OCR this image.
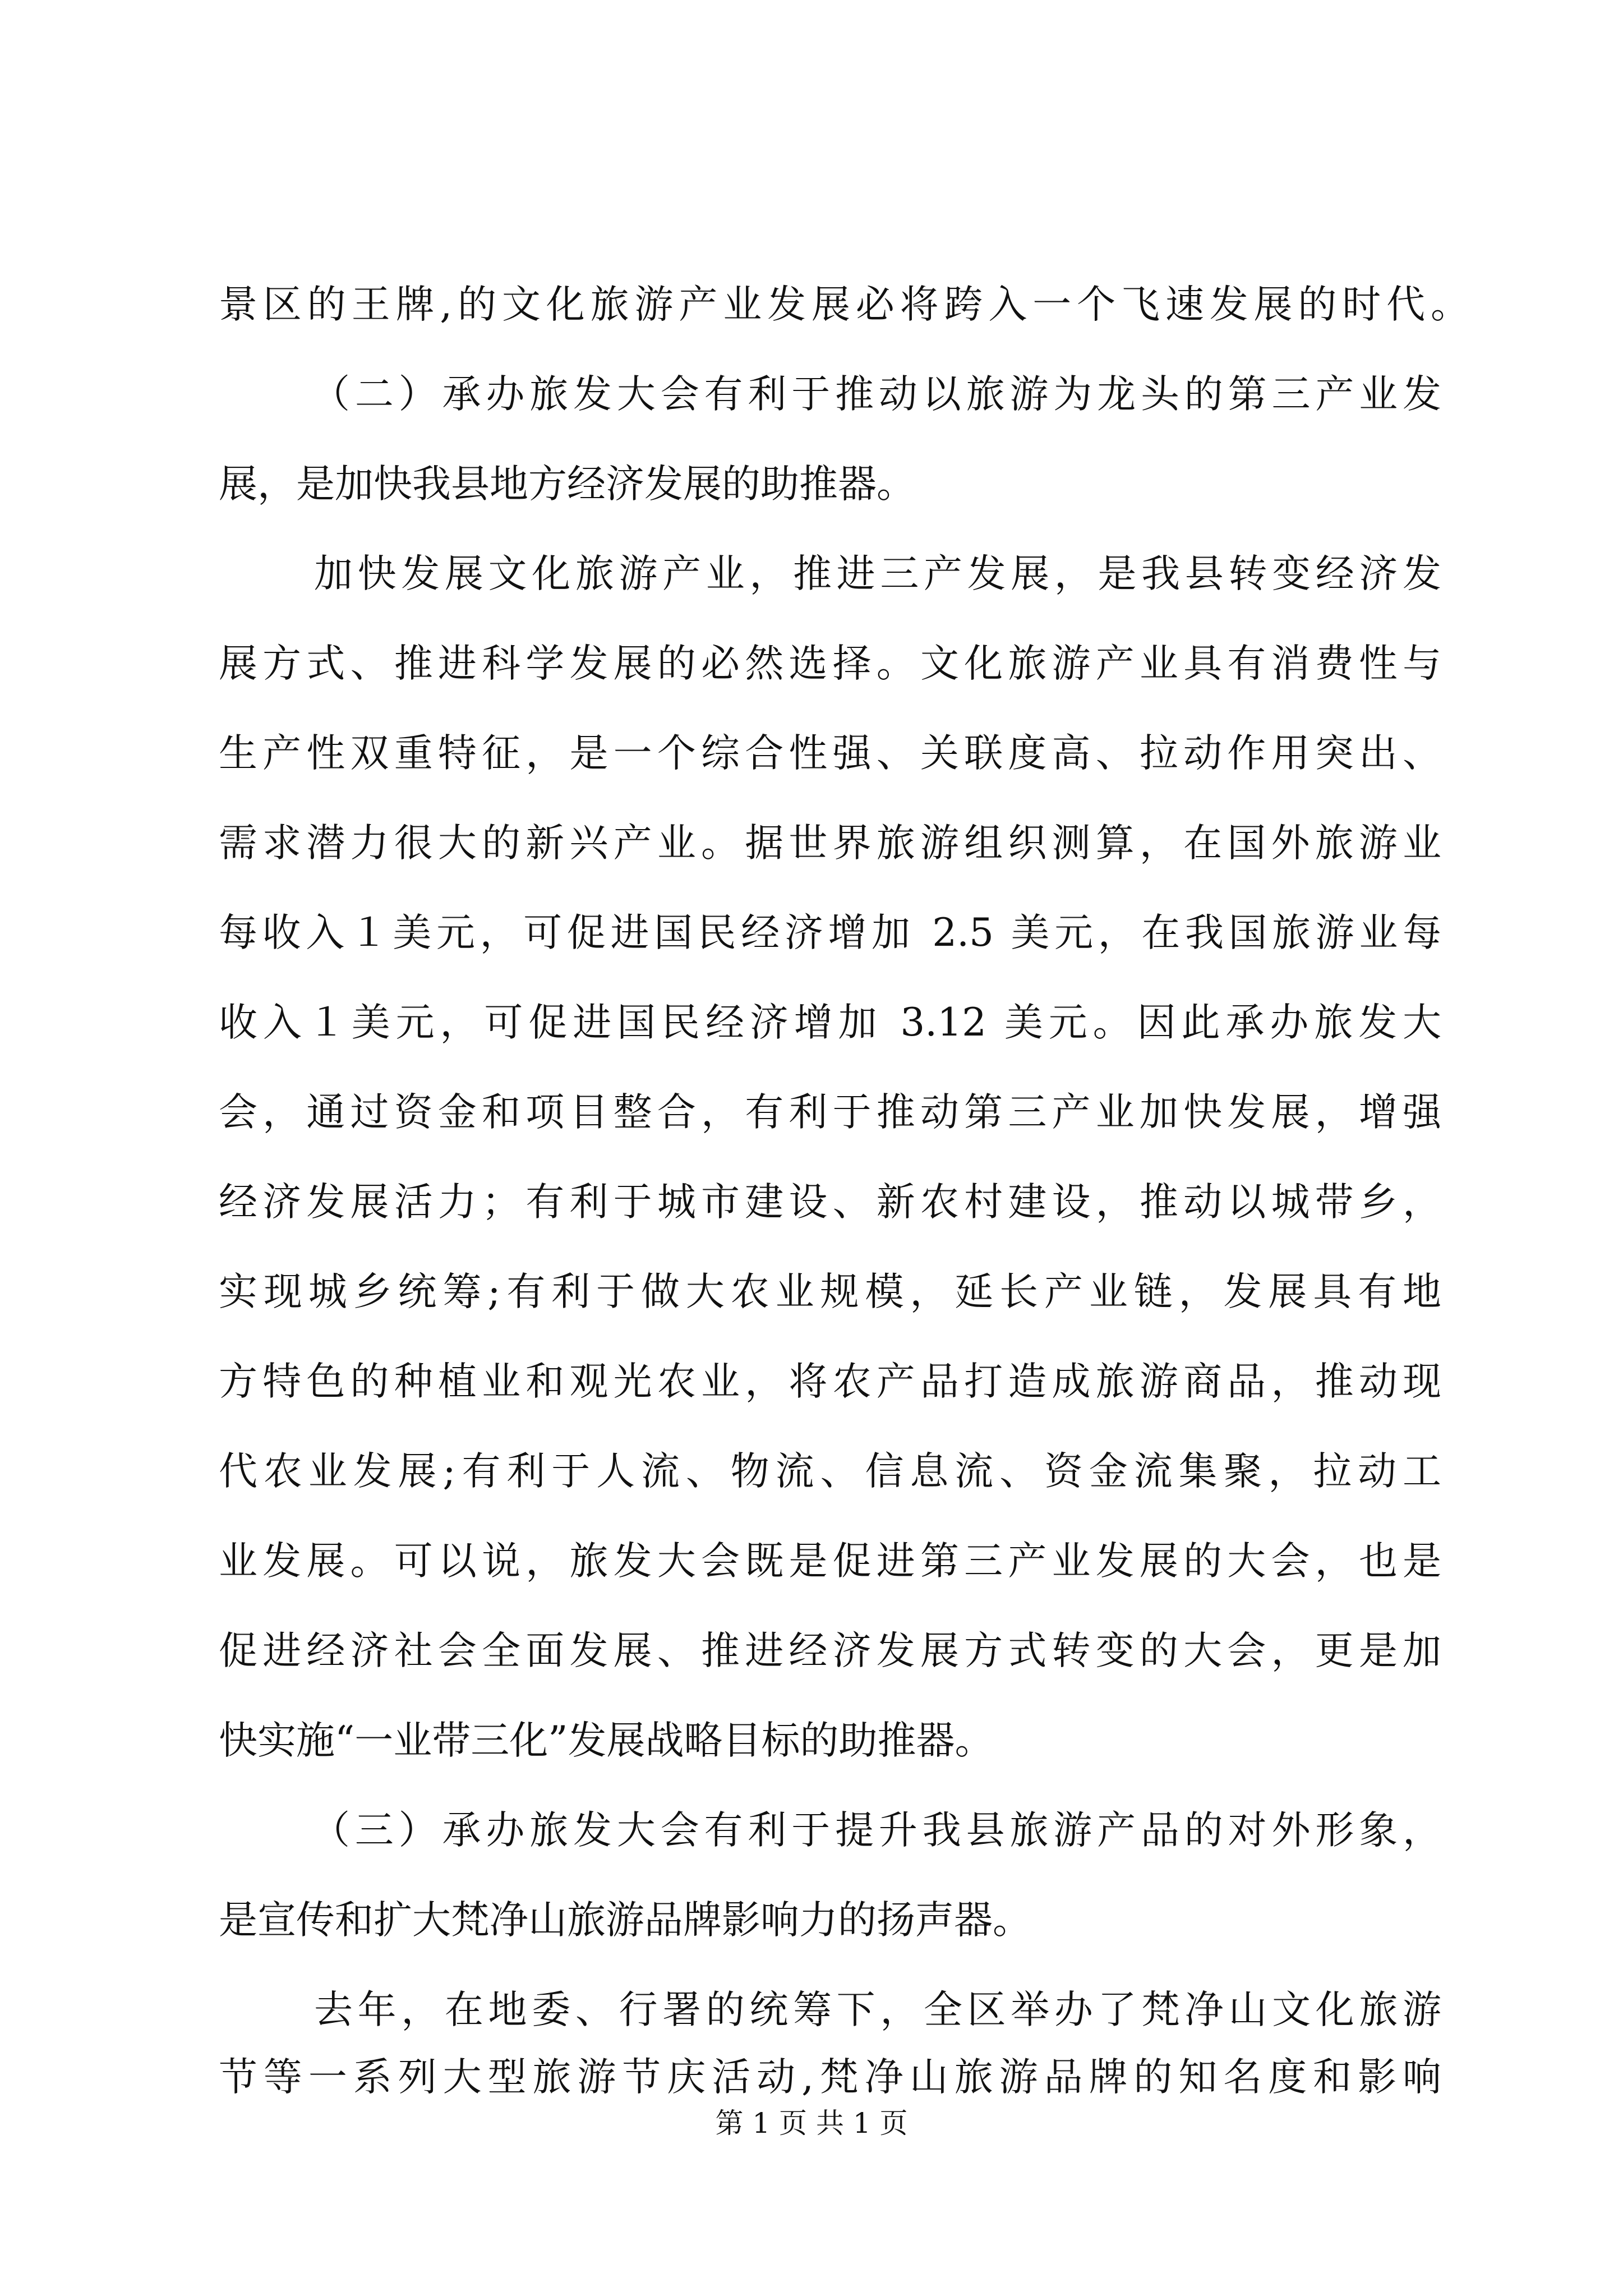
景区的王牌,的文化旅游产业发展必将跨入一个飞速发展的时代。
（二）承办旅发大会有利于推动以旅游为龙头的第三产业发
展，是加快我县地方经济发展的助推器。
加快发展文化旅游产业，推进三产发展，是我县转变经济发
展方式、推进科学发展的必然选择。文化旅游产业具有消费性与
生产性双重特征，是一个综合性强、关联度高、拉动作用突出、
需求潜力很大的新兴产业。据世界旅游组织测算，在国外旅游业
每收入１美元，可促进国民经济增加 2.5 美元，在我国旅游业每
收入１美元，可促进国民经济增加 3.12 美元。因此承办旅发大
会，通过资金和项目整合，有利于推动第三产业加快发展，增强
经济发展活力；有利于城市建设、新农村建设，推动以城带乡，
实现城乡统筹;有利于做大农业规模，延长产业链，发展具有地
方特色的种植业和观光农业，将农产品打造成旅游商品，推动现
代农业发展;有利于人流、物流、信息流、资金流集聚，拉动工
业发展。可以说，旅发大会既是促进第三产业发展的大会，也是
促进经济社会全面发展、推进经济发展方式转变的大会，更是加
快实施“一业带三化”发展战略目标的助推器。
（三）承办旅发大会有利于提升我县旅游产品的对外形象，
是宣传和扩大梵净山旅游品牌影响力的扬声器。
去年，在地委、行署的统筹下，全区举办了梵净山文化旅游
节等一系列大型旅游节庆活动,梵净山旅游品牌的知名度和影响
第 1 页 共 1 页
